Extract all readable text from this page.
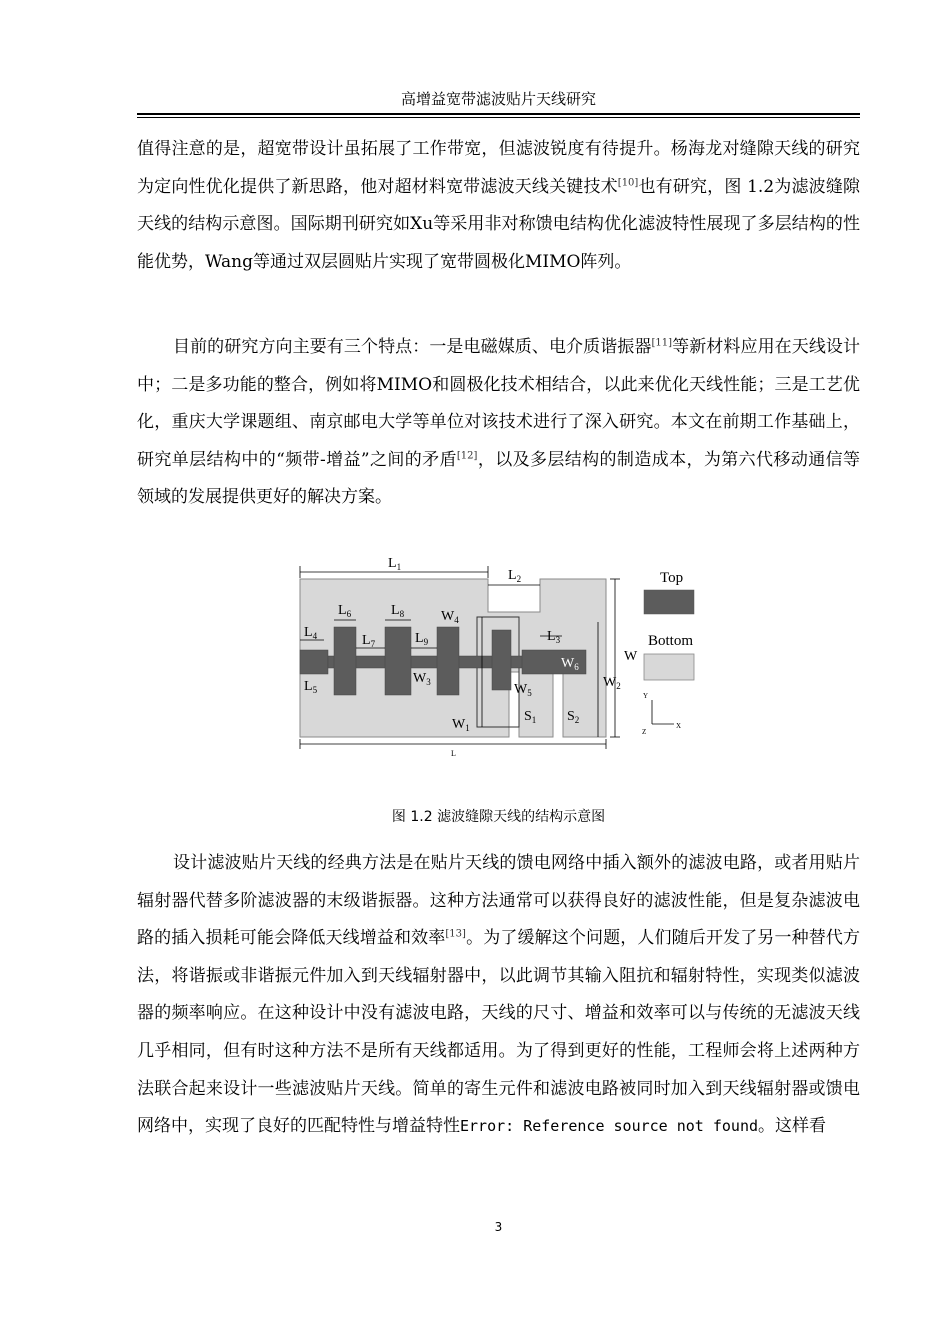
高增益宽带滤波贴片天线研究

值得注意的是，超宽带设计虽拓展了工作带宽，但滤波锐度有待提升。杨海龙对缝隙天线的研究为定向性优化提供了新思路，他对超材料宽带滤波天线关键技术[10]也有研究，图 1.2为滤波缝隙天线的结构示意图。国际期刊研究如Xu等采用非对称馈电结构优化滤波特性展现了多层结构的性能优势，Wang等通过双层圆贴片实现了宽带圆极化MIMO阵列。

目前的研究方向主要有三个特点：一是电磁媒质、电介质谐振器[11]等新材料应用在天线设计中；二是多功能的整合，例如将MIMO和圆极化技术相结合，以此来优化天线性能；三是工艺优化，重庆大学课题组、南京邮电大学等单位对该技术进行了深入研究。本文在前期工作基础上，研究单层结构中的“频带-增益”之间的矛盾[12]，以及多层结构的制造成本，为第六代移动通信等领域的发展提供更好的解决方案。

$L_1$
$L_2$
$L_3$
$L_4$
$L_5$
$L_6$
$L_7$
$L_8$
$L_9$
W
$W_1$
$W_2$
$W_3$
$W_4$
$W_5$
$W_6$
$S_1$ $S_2$
L
Y
X
Z
Top
Bottom
图 1.2 滤波缝隙天线的结构示意图

设计滤波贴片天线的经典方法是在贴片天线的馈电网络中插入额外的滤波电路，或者用贴片辐射器代替多阶滤波器的末级谐振器。这种方法通常可以获得良好的滤波性能，但是复杂滤波电路的插入损耗可能会降低天线增益和效率[13]。为了缓解这个问题，人们随后开发了另一种替代方法，将谐振或非谐振元件加入到天线辐射器中，以此调节其输入阻抗和辐射特性，实现类似滤波器的频率响应。在这种设计中没有滤波电路，天线的尺寸、增益和效率可以与传统的无滤波天线几乎相同，但有时这种方法不是所有天线都适用。为了得到更好的性能，工程师会将上述两种方法联合起来设计一些滤波贴片天线。简单的寄生元件和滤波电路被同时加入到天线辐射器或馈电网络中，实现了良好的匹配特性与增益特性Error: Reference source not found。这样看

3
